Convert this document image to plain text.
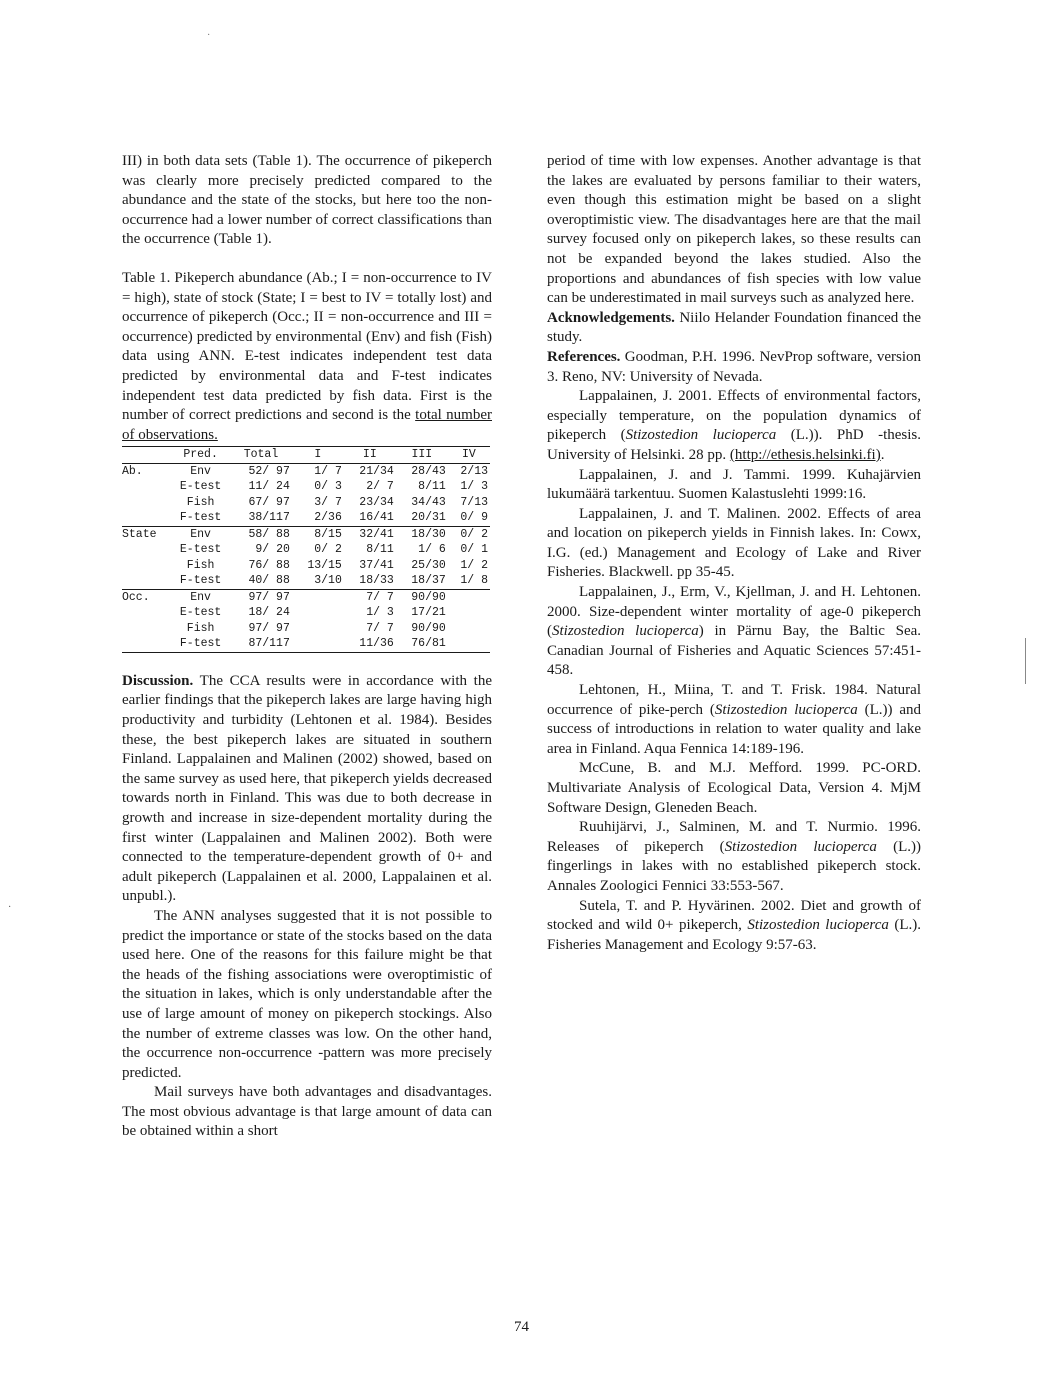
·
·

III) in both data sets (Table 1). The occurrence of pikeperch was clearly more precisely predicted compared to the abundance and the state of the stocks, but here too the non-occurrence had a lower number of correct classifications than the occurrence (Table 1).

Table 1. Pikeperch abundance (Ab.; I = non-occurrence to IV = high), state of stock (State; I = best to IV = totally lost) and occurrence of pikeperch (Occ.; II = non-occurrence and III = occurrence) predicted by environmental (Env) and fish (Fish) data using ANN. E-test indicates independent test data predicted by environmental data and F-test indicates independent test data predicted by fish data. First is the number of correct predictions and second is the total number of observations.

	Pred.	Total	I	II	III	IV
Ab.	Env	52/ 97	1/ 7	21/34	28/43	2/13
	E-test	11/ 24	0/ 3	2/ 7	8/11	1/ 3
	Fish	67/ 97	3/ 7	23/34	34/43	7/13
	F-test	38/117	2/36	16/41	20/31	0/ 9
State	Env	58/ 88	8/15	32/41	18/30	0/ 2
	E-test	9/ 20	0/ 2	8/11	1/ 6	0/ 1
	Fish	76/ 88	13/15	37/41	25/30	1/ 2
	F-test	40/ 88	3/10	18/33	18/37	1/ 8
Occ.	Env	97/ 97		7/ 7	90/90	
	E-test	18/ 24		1/ 3	17/21	
	Fish	97/ 97		7/ 7	90/90	
	F-test	87/117		11/36	76/81	

Discussion. The CCA results were in accordance with the earlier findings that the pikeperch lakes are large having high productivity and turbidity (Lehtonen et al. 1984). Besides these, the best pikeperch lakes are situated in southern Finland. Lappalainen and Malinen (2002) showed, based on the same survey as used here, that pikeperch yields decreased towards north in Finland. This was due to both decrease in growth and increase in size-dependent mortality during the first winter (Lappalainen and Malinen 2002). Both were connected to the temperature-dependent growth of 0+ and adult pikeperch (Lappalainen et al. 2000, Lappalainen et al. unpubl.).

The ANN analyses suggested that it is not possible to predict the importance or state of the stocks based on the data used here. One of the reasons for this failure might be that the heads of the fishing associations were overoptimistic of the situation in lakes, which is only understandable after the use of large amount of money on pikeperch stockings. Also the number of extreme classes was low. On the other hand, the occurrence non-occurrence -pattern was more precisely predicted.

Mail surveys have both advantages and disadvantages. The most obvious advantage is that large amount of data can be obtained within a short

period of time with low expenses. Another advantage is that the lakes are evaluated by persons familiar to their waters, even though this estimation might be based on a slight overoptimistic view. The disadvantages here are that the mail survey focused only on pikeperch lakes, so these results can not be expanded beyond the lakes studied. Also the proportions and abundances of fish species with low value can be underestimated in mail surveys such as analyzed here.

Acknowledgements. Niilo Helander Foundation financed the study.

References. Goodman, P.H. 1996. NevProp software, version 3. Reno, NV: University of Nevada.

Lappalainen, J. 2001. Effects of environmental factors, especially temperature, on the population dynamics of pikeperch (Stizostedion lucioperca (L.)). PhD -thesis. University of Helsinki. 28 pp. (http://ethesis.helsinki.fi).

Lappalainen, J. and J. Tammi. 1999. Kuhajärvien lukumäärä tarkentuu. Suomen Kalastuslehti 1999:16.

Lappalainen, J. and T. Malinen. 2002. Effects of area and location on pikeperch yields in Finnish lakes. In: Cowx, I.G. (ed.) Management and Ecology of Lake and River Fisheries. Blackwell. pp 35-45.

Lappalainen, J., Erm, V., Kjellman, J. and H. Lehtonen. 2000. Size-dependent winter mortality of age-0 pikeperch (Stizostedion lucioperca) in Pärnu Bay, the Baltic Sea. Canadian Journal of Fisheries and Aquatic Sciences 57:451-458.

Lehtonen, H., Miina, T. and T. Frisk. 1984. Natural occurrence of pike-perch (Stizostedion lucioperca (L.)) and success of introductions in relation to water quality and lake area in Finland. Aqua Fennica 14:189-196.

McCune, B. and M.J. Mefford. 1999. PC-ORD. Multivariate Analysis of Ecological Data, Version 4. MjM Software Design, Gleneden Beach.

Ruuhijärvi, J., Salminen, M. and T. Nurmio. 1996. Releases of pikeperch (Stizostedion lucioperca (L.)) fingerlings in lakes with no established pikeperch stock. Annales Zoologici Fennici 33:553-567.

Sutela, T. and P. Hyvärinen. 2002. Diet and growth of stocked and wild 0+ pikeperch, Stizostedion lucioperca (L.). Fisheries Management and Ecology 9:57-63.

74
